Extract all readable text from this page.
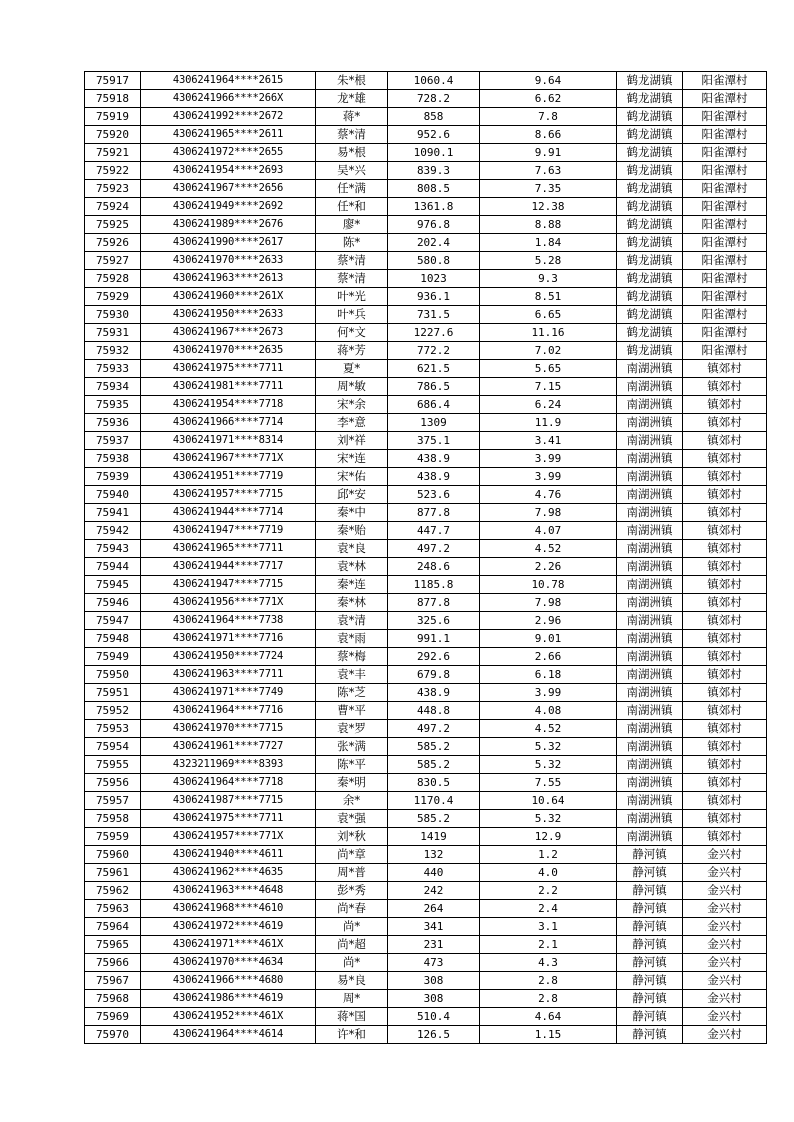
75917	4306241964****2615	朱*根	1060.4	9.64	鹤龙湖镇	阳雀潭村
75918	4306241966****266X	龙*雄	728.2	6.62	鹤龙湖镇	阳雀潭村
75919	4306241992****2672	蒋*	858	7.8	鹤龙湖镇	阳雀潭村
75920	4306241965****2611	蔡*清	952.6	8.66	鹤龙湖镇	阳雀潭村
75921	4306241972****2655	易*根	1090.1	9.91	鹤龙湖镇	阳雀潭村
75922	4306241954****2693	吴*兴	839.3	7.63	鹤龙湖镇	阳雀潭村
75923	4306241967****2656	任*满	808.5	7.35	鹤龙湖镇	阳雀潭村
75924	4306241949****2692	任*和	1361.8	12.38	鹤龙湖镇	阳雀潭村
75925	4306241989****2676	廖*	976.8	8.88	鹤龙湖镇	阳雀潭村
75926	4306241990****2617	陈*	202.4	1.84	鹤龙湖镇	阳雀潭村
75927	4306241970****2633	蔡*清	580.8	5.28	鹤龙湖镇	阳雀潭村
75928	4306241963****2613	蔡*清	1023	9.3	鹤龙湖镇	阳雀潭村
75929	4306241960****261X	叶*光	936.1	8.51	鹤龙湖镇	阳雀潭村
75930	4306241950****2633	叶*兵	731.5	6.65	鹤龙湖镇	阳雀潭村
75931	4306241967****2673	何*文	1227.6	11.16	鹤龙湖镇	阳雀潭村
75932	4306241970****2635	蒋*芳	772.2	7.02	鹤龙湖镇	阳雀潭村
75933	4306241975****7711	夏*	621.5	5.65	南湖洲镇	镇郊村
75934	4306241981****7711	周*敏	786.5	7.15	南湖洲镇	镇郊村
75935	4306241954****7718	宋*余	686.4	6.24	南湖洲镇	镇郊村
75936	4306241966****7714	李*意	1309	11.9	南湖洲镇	镇郊村
75937	4306241971****8314	刘*祥	375.1	3.41	南湖洲镇	镇郊村
75938	4306241967****771X	宋*连	438.9	3.99	南湖洲镇	镇郊村
75939	4306241951****7719	宋*佑	438.9	3.99	南湖洲镇	镇郊村
75940	4306241957****7715	邱*安	523.6	4.76	南湖洲镇	镇郊村
75941	4306241944****7714	秦*中	877.8	7.98	南湖洲镇	镇郊村
75942	4306241947****7719	秦*贻	447.7	4.07	南湖洲镇	镇郊村
75943	4306241965****7711	袁*良	497.2	4.52	南湖洲镇	镇郊村
75944	4306241944****7717	袁*林	248.6	2.26	南湖洲镇	镇郊村
75945	4306241947****7715	秦*连	1185.8	10.78	南湖洲镇	镇郊村
75946	4306241956****771X	秦*林	877.8	7.98	南湖洲镇	镇郊村
75947	4306241964****7738	袁*清	325.6	2.96	南湖洲镇	镇郊村
75948	4306241971****7716	袁*雨	991.1	9.01	南湖洲镇	镇郊村
75949	4306241950****7724	蔡*梅	292.6	2.66	南湖洲镇	镇郊村
75950	4306241963****7711	袁*丰	679.8	6.18	南湖洲镇	镇郊村
75951	4306241971****7749	陈*芝	438.9	3.99	南湖洲镇	镇郊村
75952	4306241964****7716	曹*平	448.8	4.08	南湖洲镇	镇郊村
75953	4306241970****7715	袁*罗	497.2	4.52	南湖洲镇	镇郊村
75954	4306241961****7727	张*满	585.2	5.32	南湖洲镇	镇郊村
75955	4323211969****8393	陈*平	585.2	5.32	南湖洲镇	镇郊村
75956	4306241964****7718	秦*明	830.5	7.55	南湖洲镇	镇郊村
75957	4306241987****7715	余*	1170.4	10.64	南湖洲镇	镇郊村
75958	4306241975****7711	袁*强	585.2	5.32	南湖洲镇	镇郊村
75959	4306241957****771X	刘*秋	1419	12.9	南湖洲镇	镇郊村
75960	4306241940****4611	尚*章	132	1.2	静河镇	金兴村
75961	4306241962****4635	周*普	440	4.0	静河镇	金兴村
75962	4306241963****4648	彭*秀	242	2.2	静河镇	金兴村
75963	4306241968****4610	尚*春	264	2.4	静河镇	金兴村
75964	4306241972****4619	尚*	341	3.1	静河镇	金兴村
75965	4306241971****461X	尚*超	231	2.1	静河镇	金兴村
75966	4306241970****4634	尚*	473	4.3	静河镇	金兴村
75967	4306241966****4680	易*良	308	2.8	静河镇	金兴村
75968	4306241986****4619	周*	308	2.8	静河镇	金兴村
75969	4306241952****461X	蒋*国	510.4	4.64	静河镇	金兴村
75970	4306241964****4614	许*和	126.5	1.15	静河镇	金兴村
